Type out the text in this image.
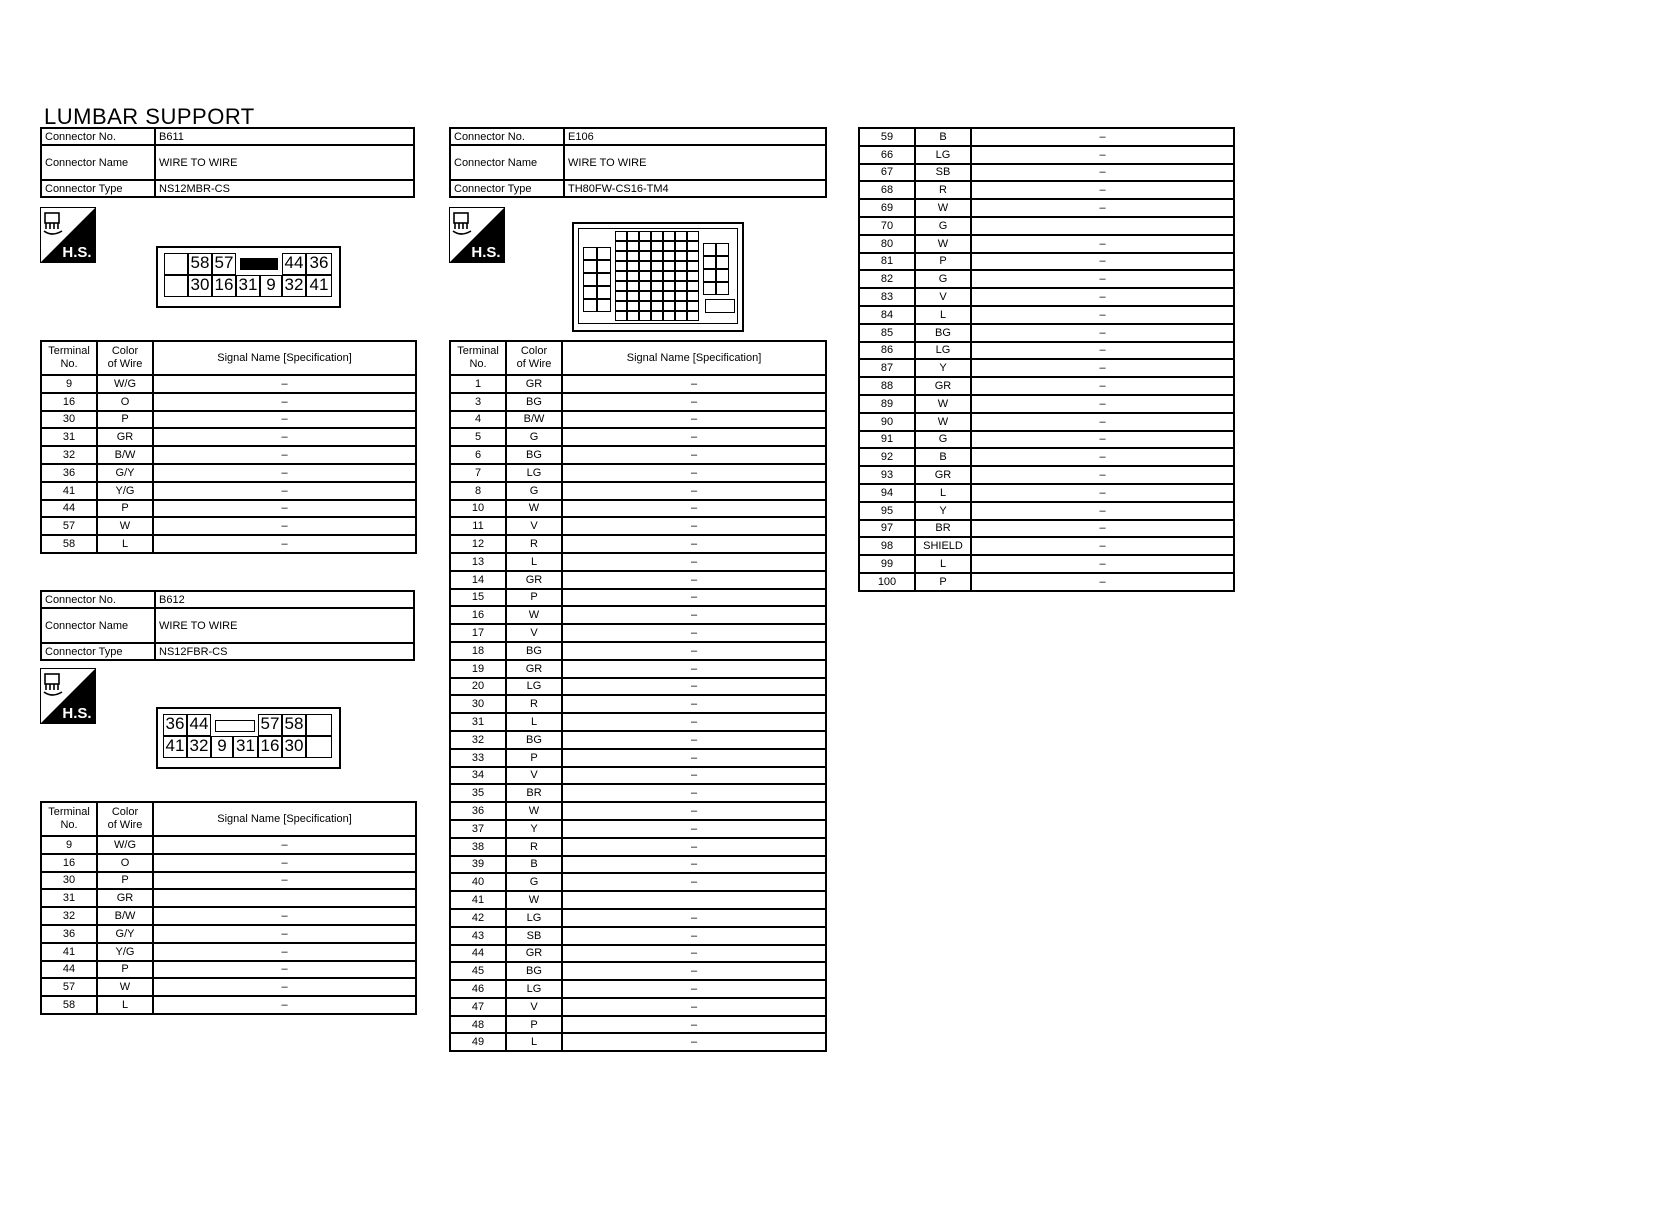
LUMBAR SUPPORT
Connector No.	B611
Connector Name	WIRE TO WIRE
Connector Type	NS12MBR-CS
H.S.
58 57	44 36
30 16 31 9 32 41
Terminal
No.	Color
of Wire	Signal Name [Specification]
9	W/G	–
16	O	–
30	P	–
31	GR	–
32	B/W	–
36	G/Y	–
41	Y/G	–
44	P	–
57	W	–
58	L	–
Connector No.	B612
Connector Name	WIRE TO WIRE
Connector Type	NS12FBR-CS
H.S.
36 44	57 58
41 32 9 31 16 30
Terminal
No.	Color
of Wire	Signal Name [Specification]
9	W/G	–
16	O	–
30	P	–
31	GR	
32	B/W	–
36	G/Y	–
41	Y/G	–
44	P	–
57	W	–
58	L	–
Connector No.	E106
Connector Name	WIRE TO WIRE
Connector Type	TH80FW-CS16-TM4
H.S.
Terminal
No.	Color
of Wire	Signal Name [Specification]
1	GR	–
3	BG	–
4	B/W	–
5	G	–
6	BG	–
7	LG	–
8	G	–
10	W	–
11	V	–
12	R	–
13	L	–
14	GR	–
15	P	–
16	W	–
17	V	–
18	BG	–
19	GR	–
20	LG	–
30	R	–
31	L	–
32	BG	–
33	P	–
34	V	–
35	BR	–
36	W	–
37	Y	–
38	R	–
39	B	–
40	G	–
41	W	
42	LG	–
43	SB	–
44	GR	–
45	BG	–
46	LG	–
47	V	–
48	P	–
49	L	–
59	B	–
66	LG	–
67	SB	–
68	R	–
69	W	–
70	G	
80	W	–
81	P	–
82	G	–
83	V	–
84	L	–
85	BG	–
86	LG	–
87	Y	–
88	GR	–
89	W	–
90	W	–
91	G	–
92	B	–
93	GR	–
94	L	–
95	Y	–
97	BR	–
98	SHIELD	–
99	L	–
100	P	–
